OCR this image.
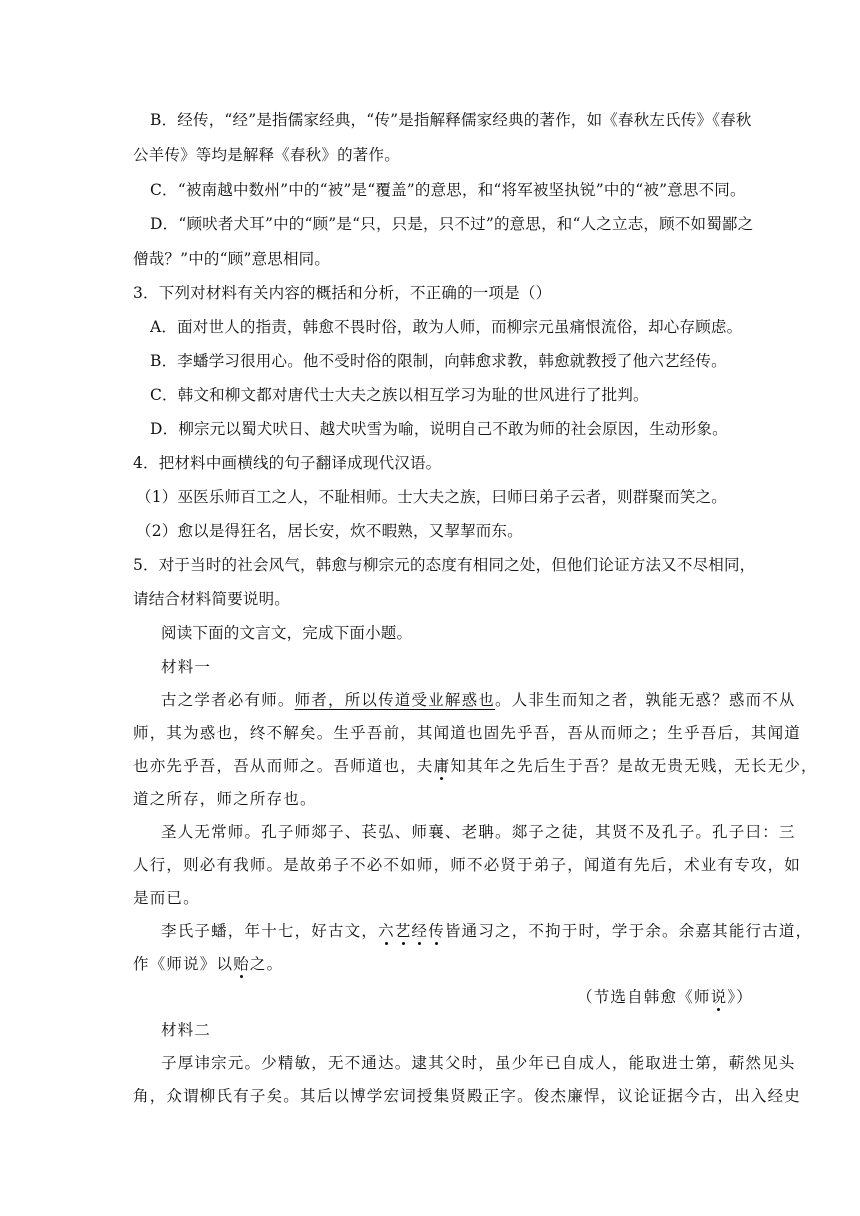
B．经传，“经”是指儒家经典，“传”是指解释儒家经典的著作，如《春秋左氏传》《春秋
公羊传》等均是解释《春秋》的著作。
C．“被南越中数州”中的“被”是“覆盖”的意思，和“将军被坚执锐”中的“被”意思不同。
D．“顾吠者犬耳”中的“顾”是“只，只是，只不过”的意思，和“人之立志，顾不如蜀鄙之
僧哉？”中的“顾”意思相同。
3．下列对材料有关内容的概括和分析，不正确的一项是（）
A．面对世人的指责，韩愈不畏时俗，敢为人师，而柳宗元虽痛恨流俗，却心存顾虑。
B．李蟠学习很用心。他不受时俗的限制，向韩愈求教，韩愈就教授了他六艺经传。
C．韩文和柳文都对唐代士大夫之族以相互学习为耻的世风进行了批判。
D．柳宗元以蜀犬吠日、越犬吠雪为喻，说明自己不敢为师的社会原因，生动形象。
4．把材料中画横线的句子翻译成现代汉语。
（1）巫医乐师百工之人，不耻相师。士大夫之族，曰师曰弟子云者，则群聚而笑之。
（2）愈以是得狂名，居长安，炊不暇熟，又挈挈而东。
5．对于当时的社会风气，韩愈与柳宗元的态度有相同之处，但他们论证方法又不尽相同，
请结合材料简要说明。
阅读下面的文言文，完成下面小题。
材料一
古之学者必有师。师者，所以传道受业解惑也。人非生而知之者，孰能无惑？惑而不从
师，其为惑也，终不解矣。生乎吾前，其闻道也固先乎吾，吾从而师之；生乎吾后，其闻道
也亦先乎吾，吾从而师之。吾师道也，夫庸知其年之先后生于吾？是故无贵无贱，无长无少，
道之所存，师之所存也。
圣人无常师。孔子师郯子、苌弘、师襄、老聃。郯子之徒，其贤不及孔子。孔子曰：三
人行，则必有我师。是故弟子不必不如师，师不必贤于弟子，闻道有先后，术业有专攻，如
是而已。
李氏子蟠，年十七，好古文，六艺经传皆通习之，不拘于时，学于余。余嘉其能行古道，
作《师说》以贻之。
（节选自韩愈《师说》）
材料二
子厚讳宗元。少精敏，无不通达。逮其父时，虽少年已自成人，能取进士第，蔪然见头
角，众谓柳氏有子矣。其后以博学宏词授集贤殿正字。俊杰廉悍，议论证据今古，出入经史
